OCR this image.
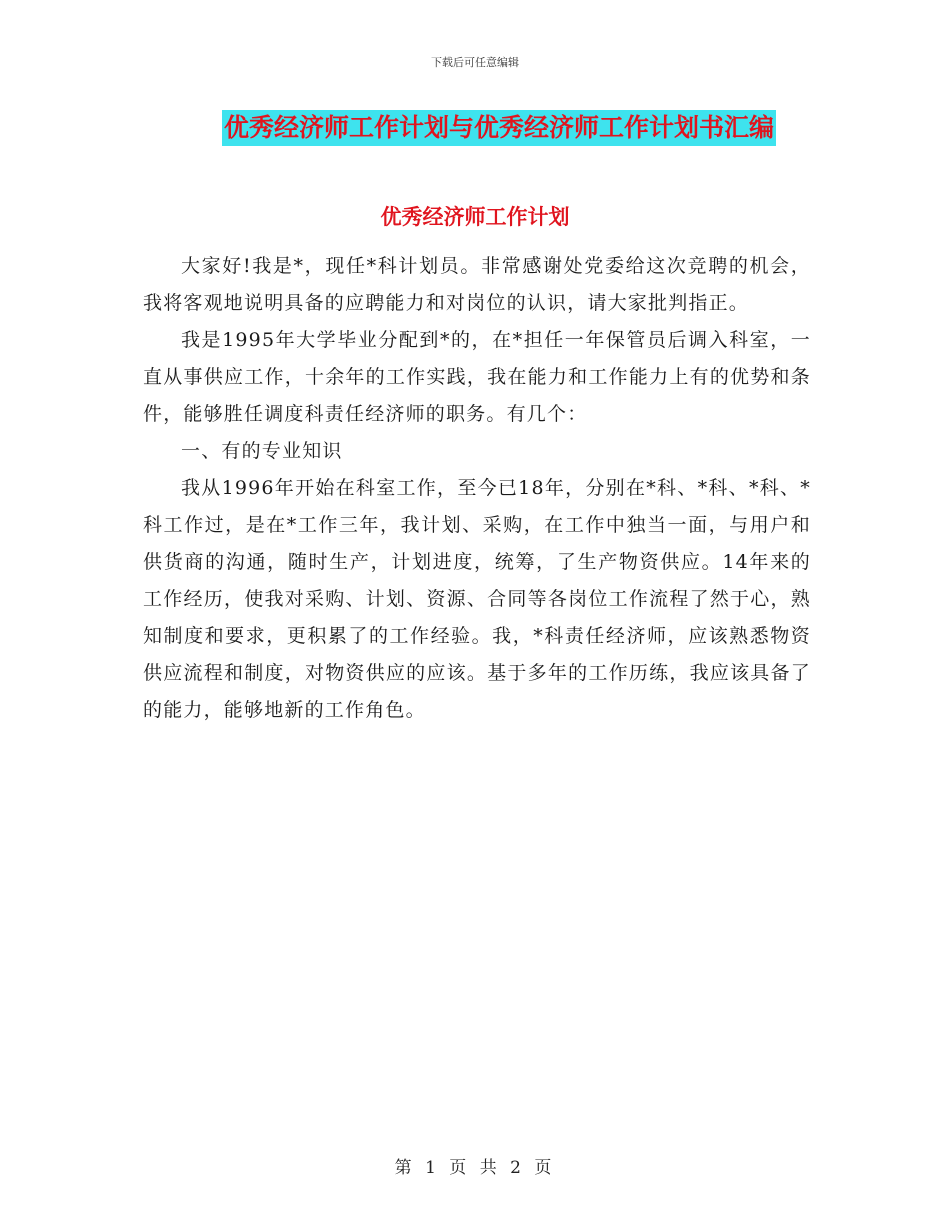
下载后可任意编辑
优秀经济师工作计划与优秀经济师工作计划书汇编
优秀经济师工作计划

大家好!我是*，现任*科计划员。非常感谢处党委给这次竞聘的机会，我将客观地说明具备的应聘能力和对岗位的认识，请大家批判指正。

我是1995年大学毕业分配到*的，在*担任一年保管员后调入科室，一直从事供应工作，十余年的工作实践，我在能力和工作能力上有的优势和条件，能够胜任调度科责任经济师的职务。有几个：

一、有的专业知识

我从1996年开始在科室工作，至今已18年，分别在*科、*科、*科、*科工作过，是在*工作三年，我计划、采购，在工作中独当一面，与用户和供货商的沟通，随时生产，计划进度，统筹，了生产物资供应。14年来的工作经历，使我对采购、计划、资源、合同等各岗位工作流程了然于心，熟知制度和要求，更积累了的工作经验。我，*科责任经济师，应该熟悉物资供应流程和制度，对物资供应的应该。基于多年的工作历练，我应该具备了的能力，能够地新的工作角色。

第 1 页 共 2 页
